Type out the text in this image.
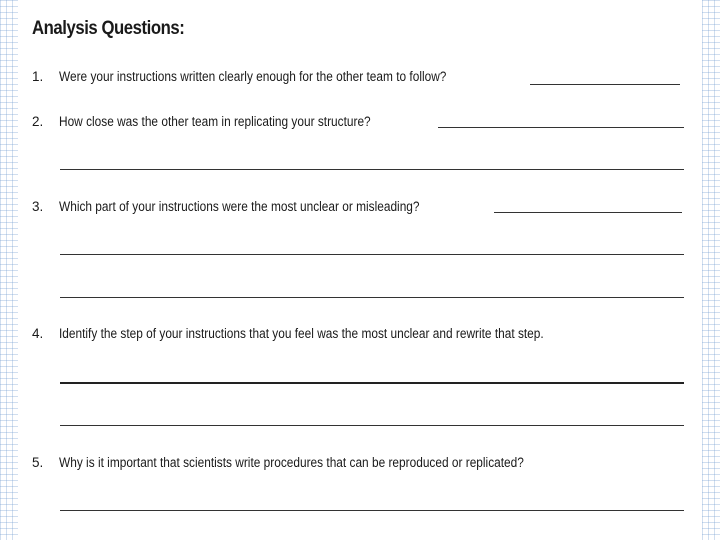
Analysis Questions:
1. Were your instructions written clearly enough for the other team to follow?
2. How close was the other team in replicating your structure?
3. Which part of your instructions were the most unclear or misleading?
4. Identify the step of your instructions that you feel was the most unclear and rewrite that step.
5. Why is it important that scientists write procedures that can be reproduced or replicated?
